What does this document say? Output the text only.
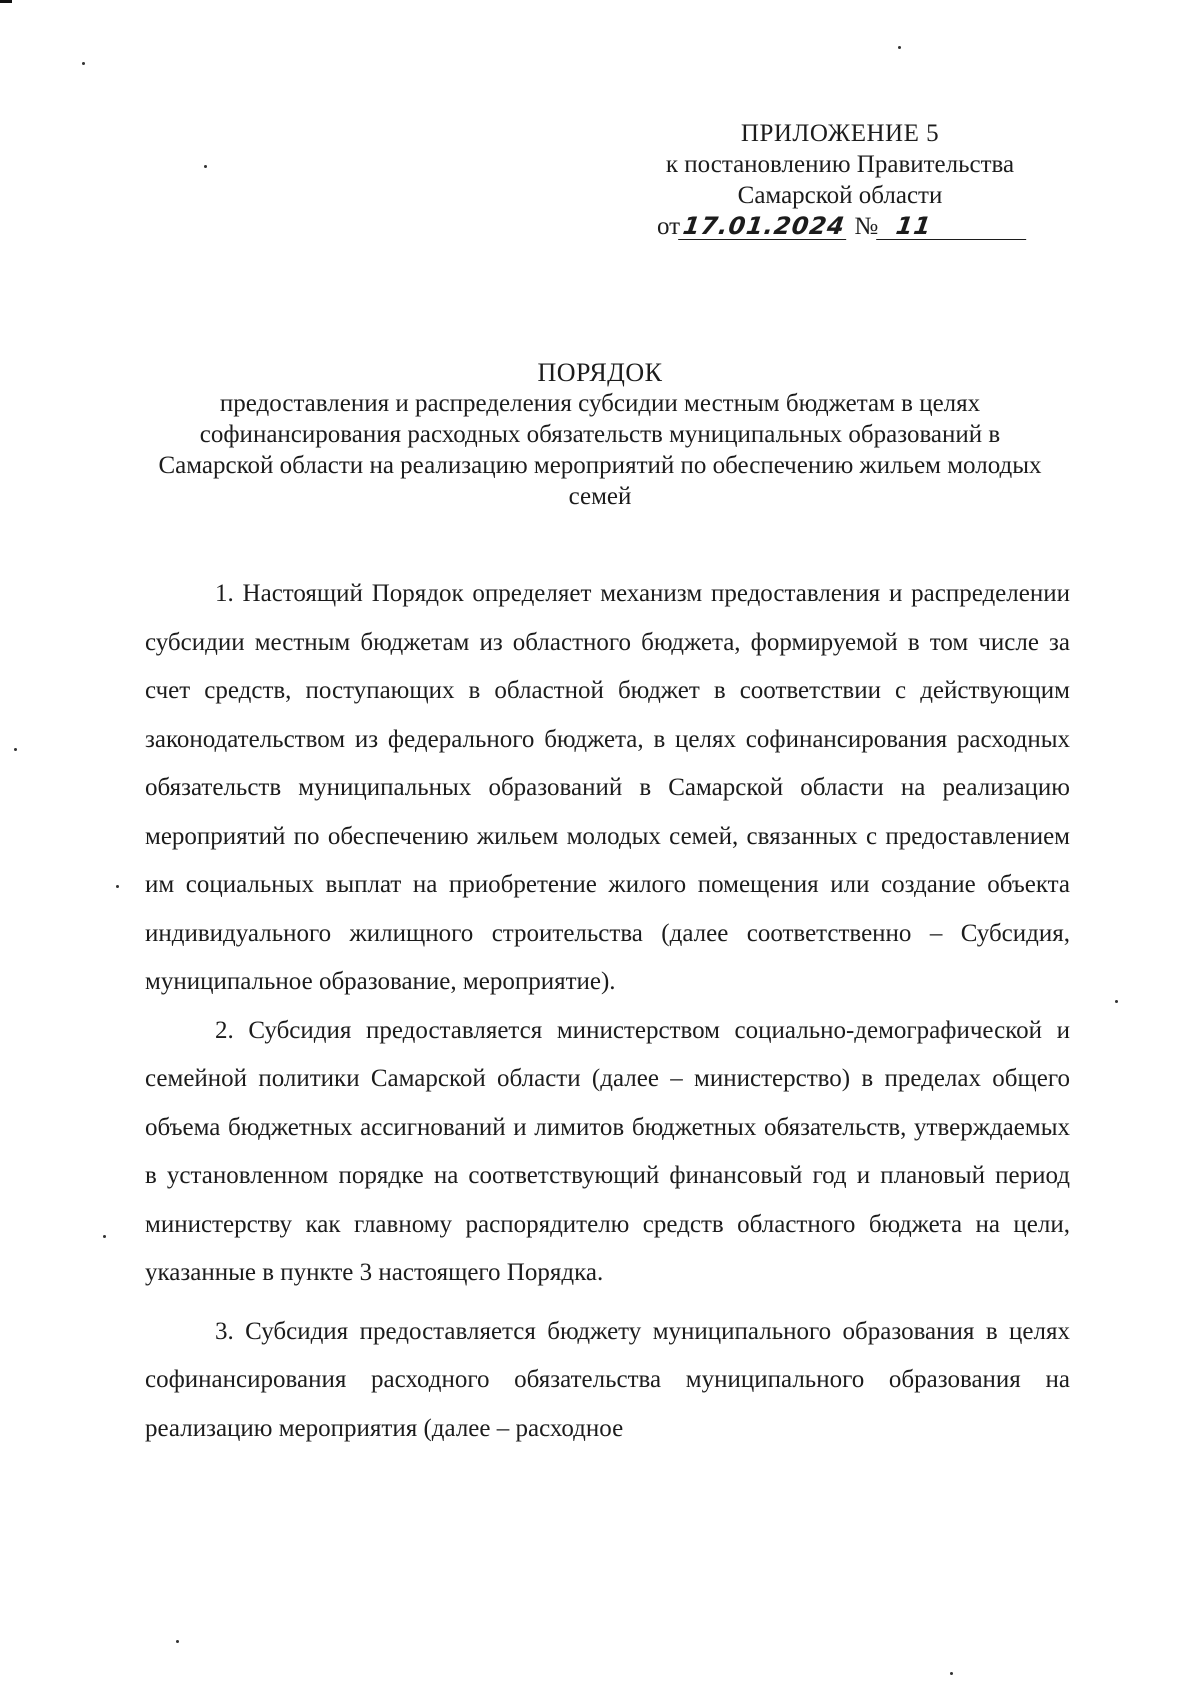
ПРИЛОЖЕНИЕ 5
к постановлению Правительства
Самарской области
от17.01.2024 № 11
ПОРЯДОК
предоставления и распределения субсидии местным бюджетам в целях софинансирования расходных обязательств муниципальных образований в Самарской области на реализацию мероприятий по обеспечению жильем молодых семей

1. Настоящий Порядок определяет механизм предоставления и распределении субсидии местным бюджетам из областного бюджета, формируемой в том числе за счет средств, поступающих в областной бюджет в соответствии с действующим законодательством из федерального бюджета, в целях софинансирования расходных обязательств муниципальных образований в Самарской области на реализацию мероприятий по обеспечению жильем молодых семей, связанных с предоставлением им социальных выплат на приобретение жилого помещения или создание объекта индивидуального жилищного строительства (далее соответственно – Субсидия, муниципальное образование, мероприятие).

2. Субсидия предоставляется министерством социально-демографической и семейной политики Самарской области (далее – министерство) в пределах общего объема бюджетных ассигнований и лимитов бюджетных обязательств, утверждаемых в установленном порядке на соответствующий финансовый год и плановый период министерству как главному распорядителю средств областного бюджета на цели, указанные в пункте 3 настоящего Порядка.

3. Субсидия предоставляется бюджету муниципального образования в целях софинансирования расходного обязательства муниципального образования на реализацию мероприятия (далее – расходное
